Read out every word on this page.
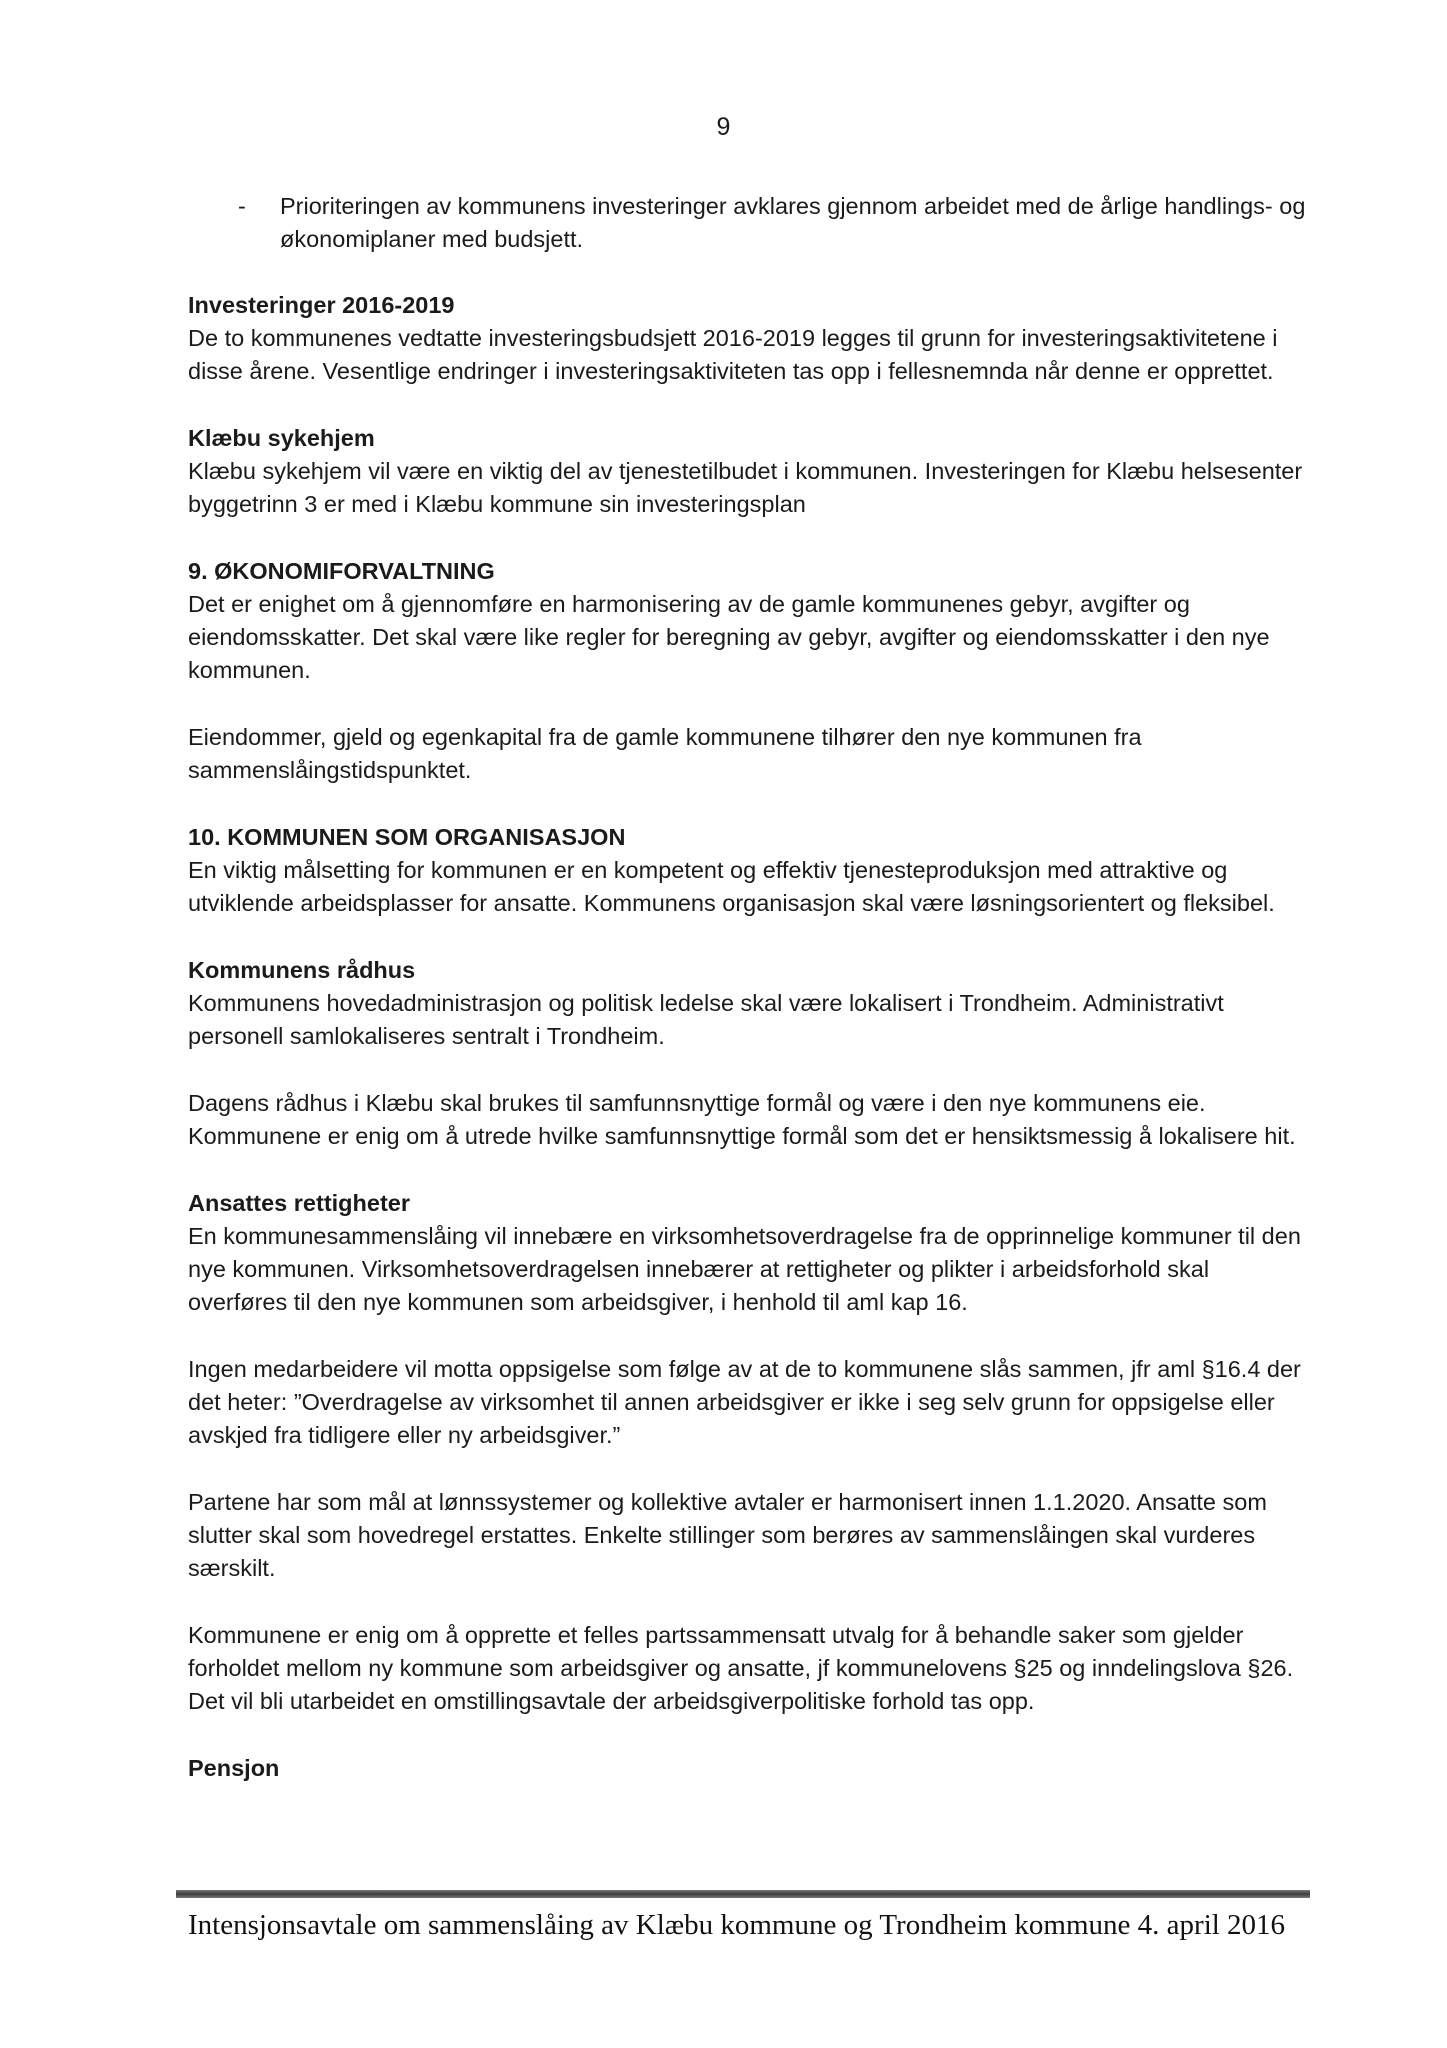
9
-	Prioriteringen av kommunens investeringer avklares gjennom arbeidet med de årlige handlings- og økonomiplaner med budsjett.

Investeringer 2016-2019

De to kommunenes vedtatte investeringsbudsjett 2016-2019 legges til grunn for investeringsaktivitetene i disse årene. Vesentlige endringer i investeringsaktiviteten tas opp i fellesnemnda når denne er opprettet.

Klæbu sykehjem

Klæbu sykehjem vil være en viktig del av tjenestetilbudet i kommunen. Investeringen for Klæbu helsesenter byggetrinn 3 er med i Klæbu kommune sin investeringsplan

9. ØKONOMIFORVALTNING

Det er enighet om å gjennomføre en harmonisering av de gamle kommunenes gebyr, avgifter og eiendomsskatter. Det skal være like regler for beregning av gebyr, avgifter og eiendomsskatter i den nye kommunen.

Eiendommer, gjeld og egenkapital fra de gamle kommunene tilhører den nye kommunen fra sammenslåingstidspunktet.

10. KOMMUNEN SOM ORGANISASJON

En viktig målsetting for kommunen er en kompetent og effektiv tjenesteproduksjon med attraktive og utviklende arbeidsplasser for ansatte. Kommunens organisasjon skal være løsningsorientert og fleksibel.

Kommunens rådhus

Kommunens hovedadministrasjon og politisk ledelse skal være lokalisert i Trondheim. Administrativt personell samlokaliseres sentralt i Trondheim.

Dagens rådhus i Klæbu skal brukes til samfunnsnyttige formål og være i den nye kommunens eie. Kommunene er enig om å utrede hvilke samfunnsnyttige formål som det er hensiktsmessig å lokalisere hit.

Ansattes rettigheter

En kommunesammenslåing vil innebære en virksomhetsoverdragelse fra de opprinnelige kommuner til den nye kommunen. Virksomhetsoverdragelsen innebærer at rettigheter og plikter i arbeidsforhold skal overføres til den nye kommunen som arbeidsgiver, i henhold til aml kap 16.

Ingen medarbeidere vil motta oppsigelse som følge av at de to kommunene slås sammen, jfr aml §16.4 der det heter: ”Overdragelse av virksomhet til annen arbeidsgiver er ikke i seg selv grunn for oppsigelse eller avskjed fra tidligere eller ny arbeidsgiver.”

Partene har som mål at lønnssystemer og kollektive avtaler er harmonisert innen 1.1.2020. Ansatte som slutter skal som hovedregel erstattes. Enkelte stillinger som berøres av sammenslåingen skal vurderes særskilt.

Kommunene er enig om å opprette et felles partssammensatt utvalg for å behandle saker som gjelder forholdet mellom ny kommune som arbeidsgiver og ansatte, jf kommunelovens §25 og inndelingslova §26. Det vil bli utarbeidet en omstillingsavtale der arbeidsgiverpolitiske forhold tas opp.

Pensjon

Intensjonsavtale om sammenslåing av Klæbu kommune og Trondheim kommune 4. april 2016
